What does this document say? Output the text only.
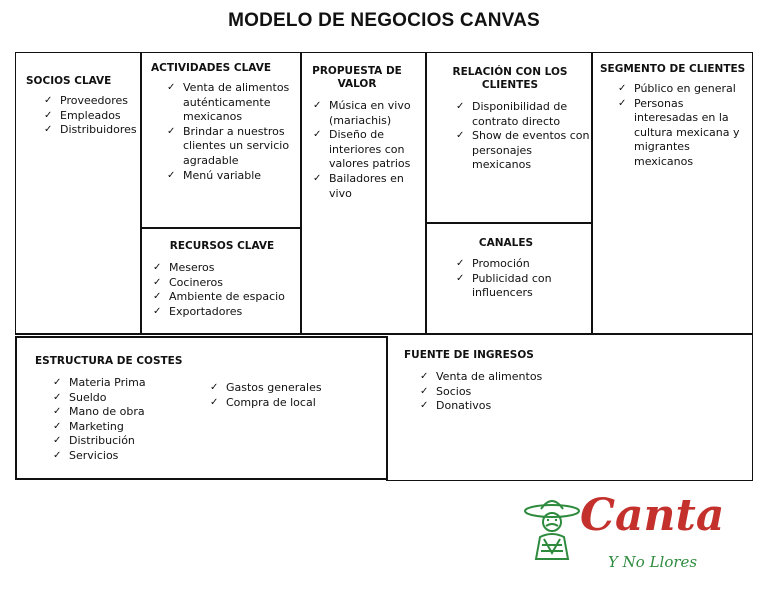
MODELO DE NEGOCIOS CANVAS
SOCIOS CLAVE
✓ Proveedores
✓ Empleados
✓ Distribuidores
ACTIVIDADES CLAVE
✓ Venta de alimentos auténticamente mexicanos
✓ Brindar a nuestros clientes un servicio agradable
✓ Menú variable
RECURSOS CLAVE
✓ Meseros
✓ Cocineros
✓ Ambiente de espacio
✓ Exportadores
PROPUESTA DE
VALOR
✓ Música en vivo (mariachis)
✓ Diseño de interiores con valores patrios
✓ Bailadores en vivo
RELACIÓN CON LOS
CLIENTES
✓ Disponibilidad de contrato directo
✓ Show de eventos con personajes mexicanos
CANALES
✓ Promoción
✓ Publicidad con influencers
SEGMENTO DE CLIENTES
✓ Público en general
✓ Personas interesadas en la cultura mexicana y migrantes mexicanos
ESTRUCTURA DE COSTES
✓ Materia Prima
✓ Sueldo
✓ Mano de obra
✓ Marketing
✓ Distribución
✓ Servicios
✓ Gastos generales
✓ Compra de local
FUENTE DE INGRESOS
✓ Venta de alimentos
✓ Socios
✓ Donativos
Canta
Y No Llores
